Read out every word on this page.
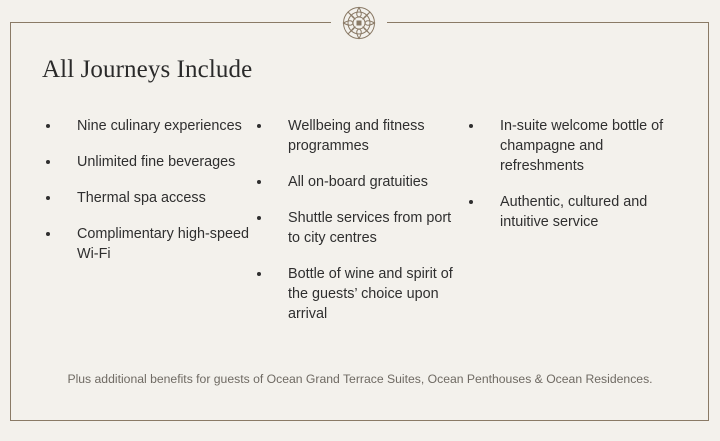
All Journeys Include
Nine culinary experiences
Unlimited fine beverages
Thermal spa access
Complimentary high-speed Wi-Fi
Wellbeing and fitness programmes
All on-board gratuities
Shuttle services from port to city centres
Bottle of wine and spirit of the guests’ choice upon arrival
In-suite welcome bottle of champagne and refreshments
Authentic, cultured and intuitive service
Plus additional benefits for guests of Ocean Grand Terrace Suites, Ocean Penthouses & Ocean Residences.
